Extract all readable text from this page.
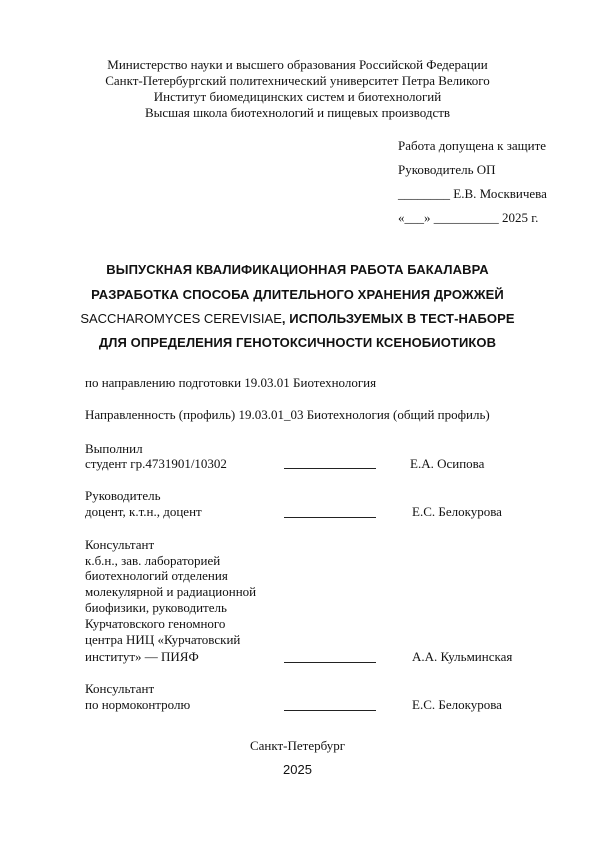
Министерство науки и высшего образования Российской Федерации
Санкт-Петербургский политехнический университет Петра Великого
Институт биомедицинских систем и биотехнологий
Высшая школа биотехнологий и пищевых производств
Работа допущена к защите
Руководитель ОП
________ Е.В. Москвичева
«___» __________ 2025 г.
ВЫПУСКНАЯ КВАЛИФИКАЦИОННАЯ РАБОТА БАКАЛАВРА
РАЗРАБОТКА СПОСОБА ДЛИТЕЛЬНОГО ХРАНЕНИЯ ДРОЖЖЕЙ
SACCHAROMYCES CEREVISIAE, ИСПОЛЬЗУЕМЫХ В ТЕСТ-НАБОРЕ
ДЛЯ ОПРЕДЕЛЕНИЯ ГЕНОТОКСИЧНОСТИ КСЕНОБИОТИКОВ
по направлению подготовки 19.03.01 Биотехнология
Направленность (профиль) 19.03.01_03 Биотехнология (общий профиль)
Выполнил
студент гр.4731901/10302	Е.А. Осипова
Руководитель
доцент, к.т.н., доцент	Е.С. Белокурова
Консультант
к.б.н., зав. лабораторией
биотехнологий отделения
молекулярной и радиационной
биофизики, руководитель
Курчатовского геномного
центра НИЦ «Курчатовский
институт» — ПИЯФ	А.А. Кульминская
Консультант
по нормоконтролю	Е.С. Белокурова
Санкт-Петербург
2025
